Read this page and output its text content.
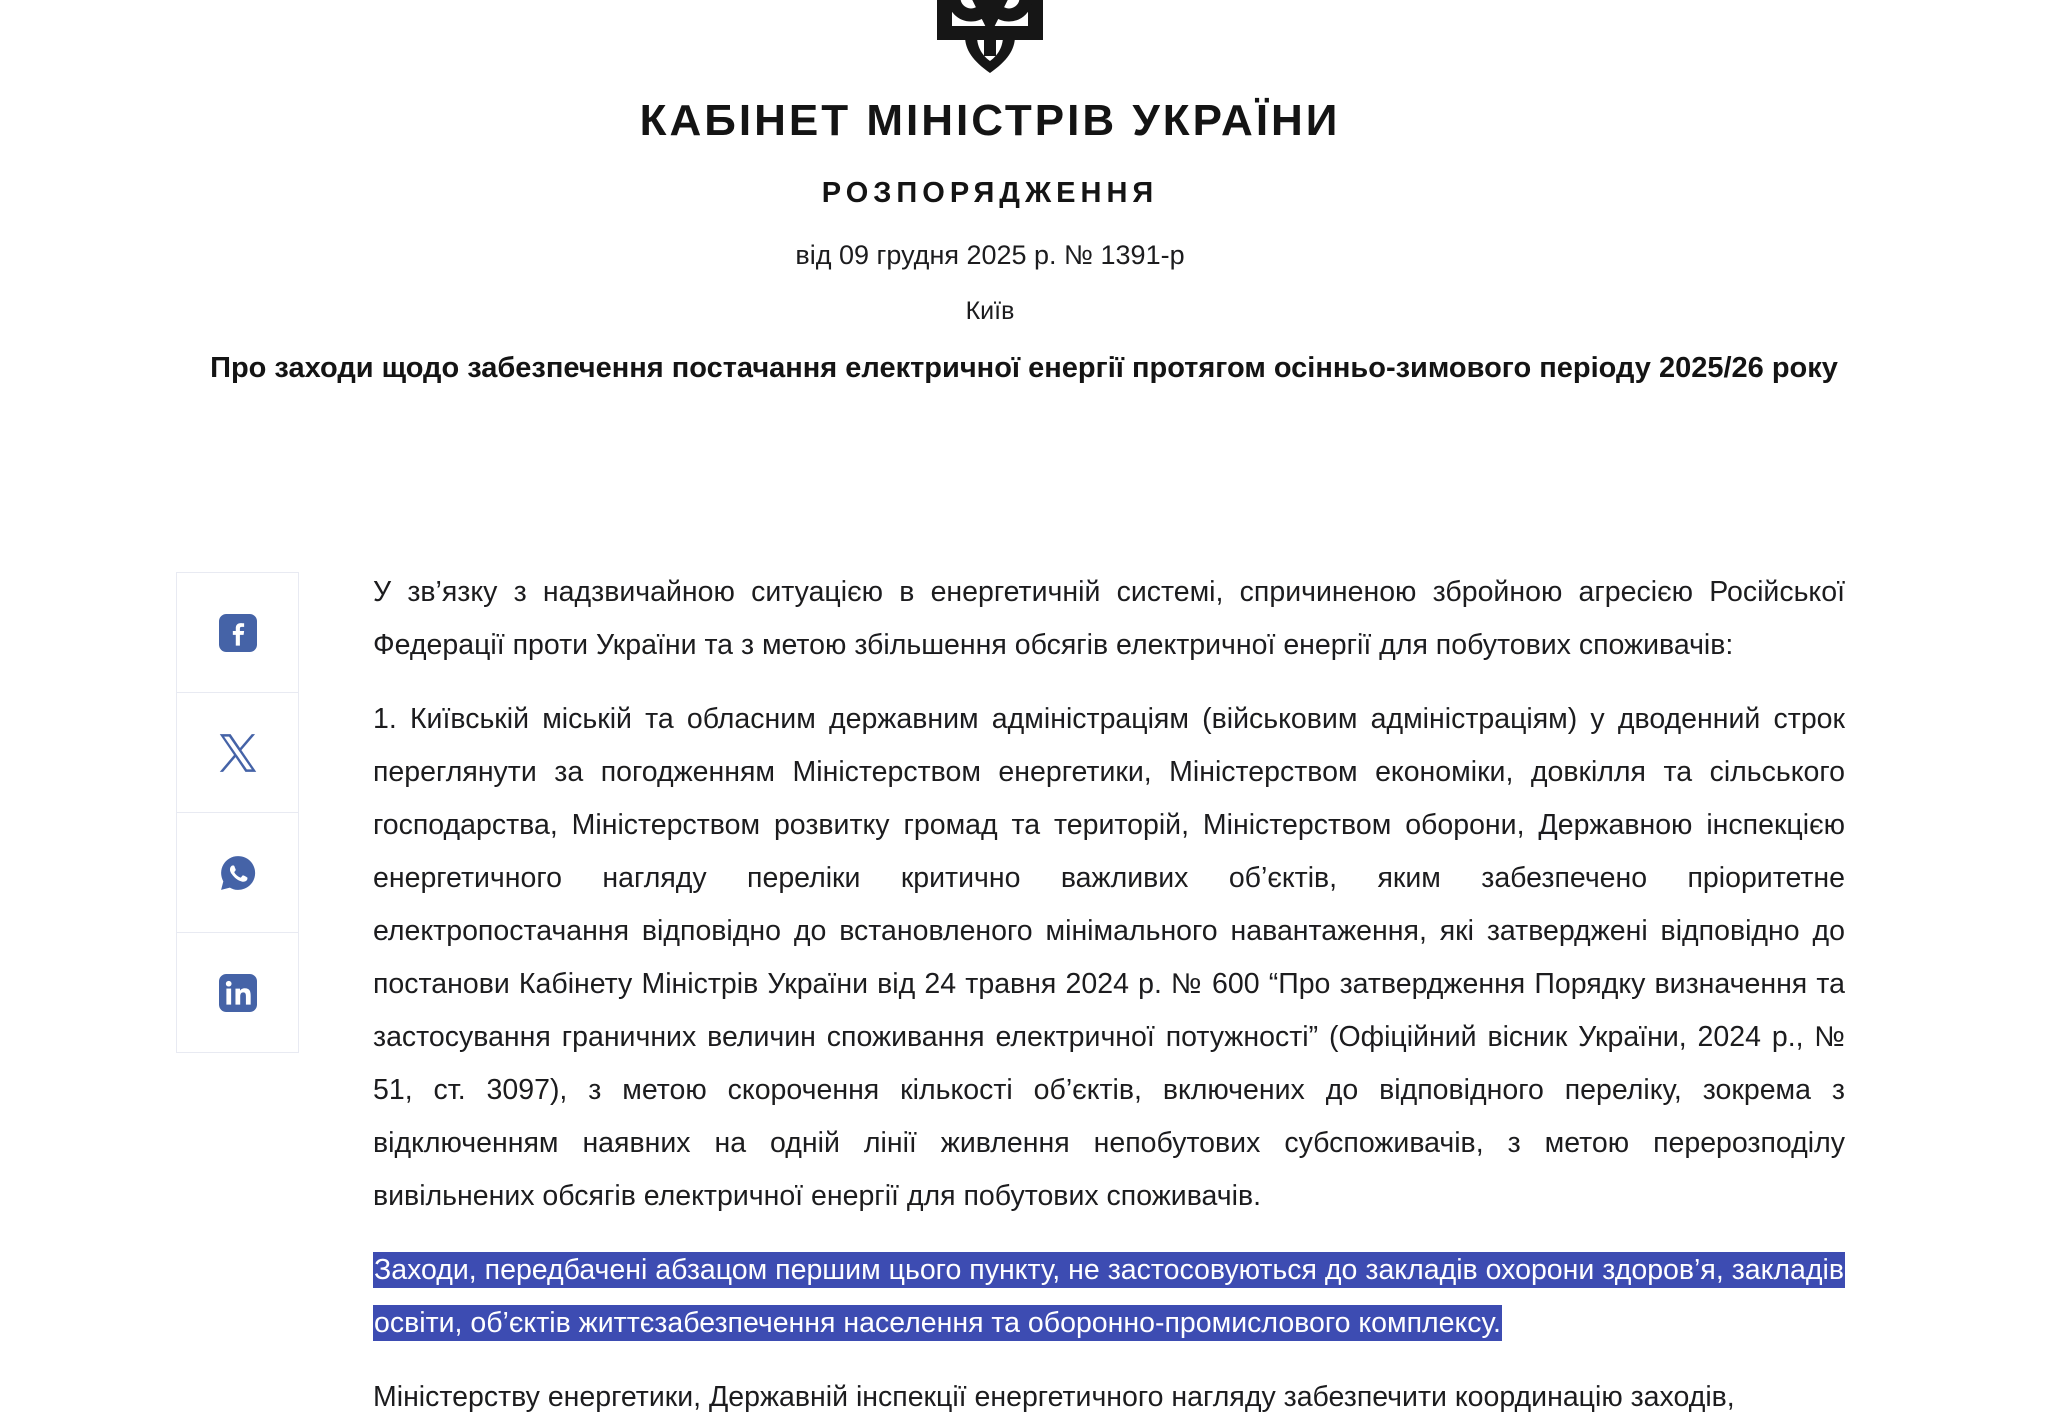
КАБІНЕТ МІНІСТРІВ УКРАЇНИ
РОЗПОРЯДЖЕННЯ
від 09 грудня 2025 р. № 1391-р
Київ
Про заходи щодо забезпечення постачання електричної енергії протягом осінньо-зимового періоду 2025/26 року

У зв’язку з надзвичайною ситуацією в енергетичній системі, спричиненою збройною агресією Російської Федерації проти України та з метою збільшення обсягів електричної енергії для побутових споживачів:

1. Київській міській та обласним державним адміністраціям (військовим адміністраціям) у дводенний строк переглянути за погодженням Міністерством енергетики, Міністерством економіки, довкілля та сільського господарства, Міністерством розвитку громад та територій, Міністерством оборони, Державною інспекцією енергетичного нагляду переліки критично важливих об’єктів, яким забезпечено пріоритетне електропостачання відповідно до встановленого мінімального навантаження, які затверджені відповідно до постанови Кабінету Міністрів України від 24 травня 2024 р. № 600 “Про затвердження Порядку визначення та застосування граничних величин споживання електричної потужності” (Офіційний вісник України, 2024 р., № 51, ст. 3097), з метою скорочення кількості об’єктів, включених до відповідного переліку, зокрема з відключенням наявних на одній лінії живлення непобутових субспоживачів, з метою перерозподілу вивільнених обсягів електричної енергії для побутових споживачів.

Заходи, передбачені абзацом першим цього пункту, не застосовуються до закладів охорони здоров’я, закладів освіти, об’єктів життєзабезпечення населення та оборонно-промислового комплексу.

Міністерству енергетики, Державній інспекції енергетичного нагляду забезпечити координацію заходів,
